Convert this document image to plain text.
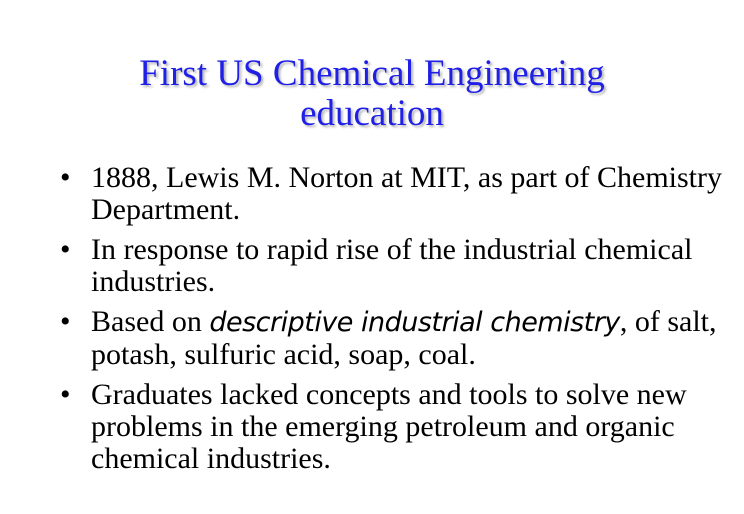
First US Chemical Engineering
education
• 1888, Lewis M. Norton at MIT, as part of Chemistry Department.
• In response to rapid rise of the industrial chemical industries.
• Based on descriptive industrial chemistry, of salt, potash, sulfuric acid, soap, coal.
• Graduates lacked concepts and tools to solve new problems in the emerging petroleum and organic chemical industries.
